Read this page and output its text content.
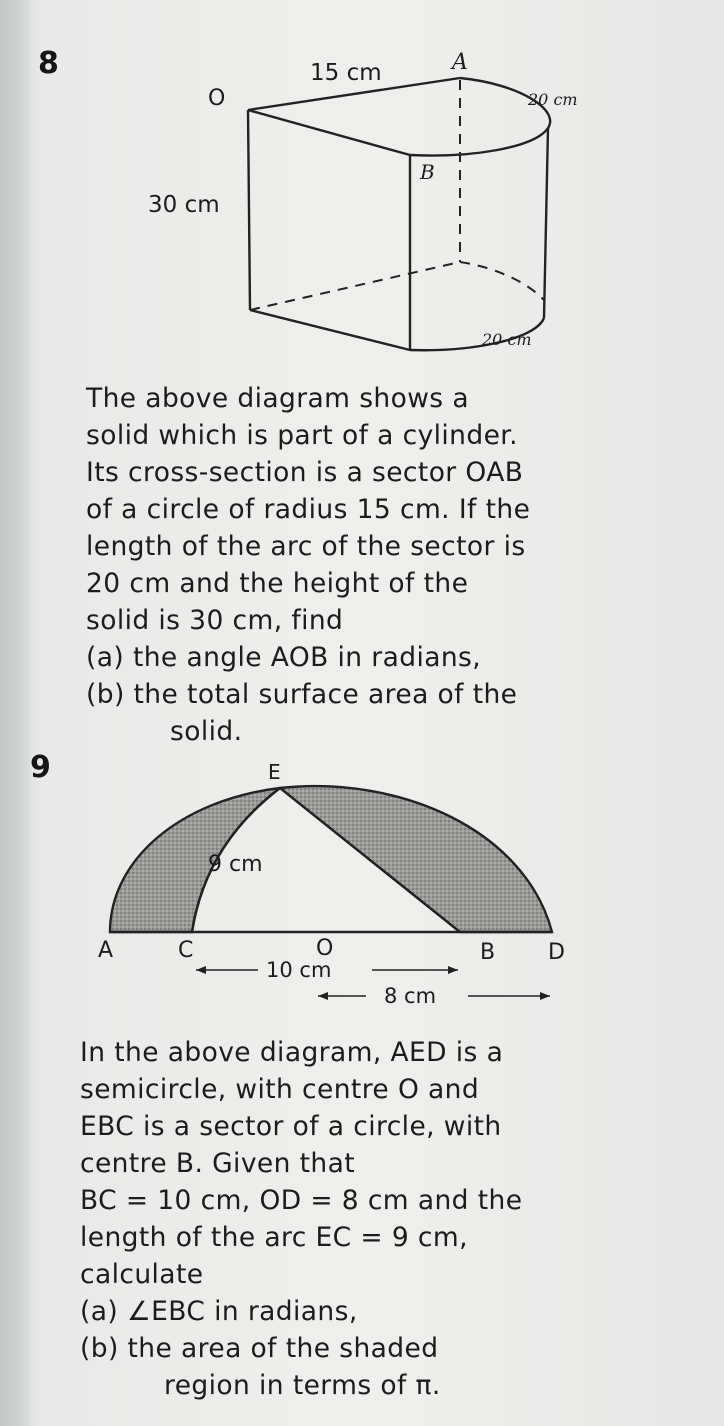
8	15 cm	A
O
B
30 cm
20 cm
20 cm

The above diagram shows a

solid which is part of a cylinder.

Its cross-section is a sector OAB

of a circle of radius 15 cm. If the

length of the arc of the sector is

20 cm and the height of the

solid is 30 cm, find

(a) the angle AOB in radians,

(b) the total surface area of the

solid.

9	E
9 cm
A	C	O	B D
10 cm
8 cm

In the above diagram, AED is a

semicircle, with centre O and

EBC is a sector of a circle, with

centre B. Given that

BC = 10 cm, OD = 8 cm and the

length of the arc EC = 9 cm,

calculate

(a) ∠EBC in radians,

(b) the area of the shaded

region in terms of π.
